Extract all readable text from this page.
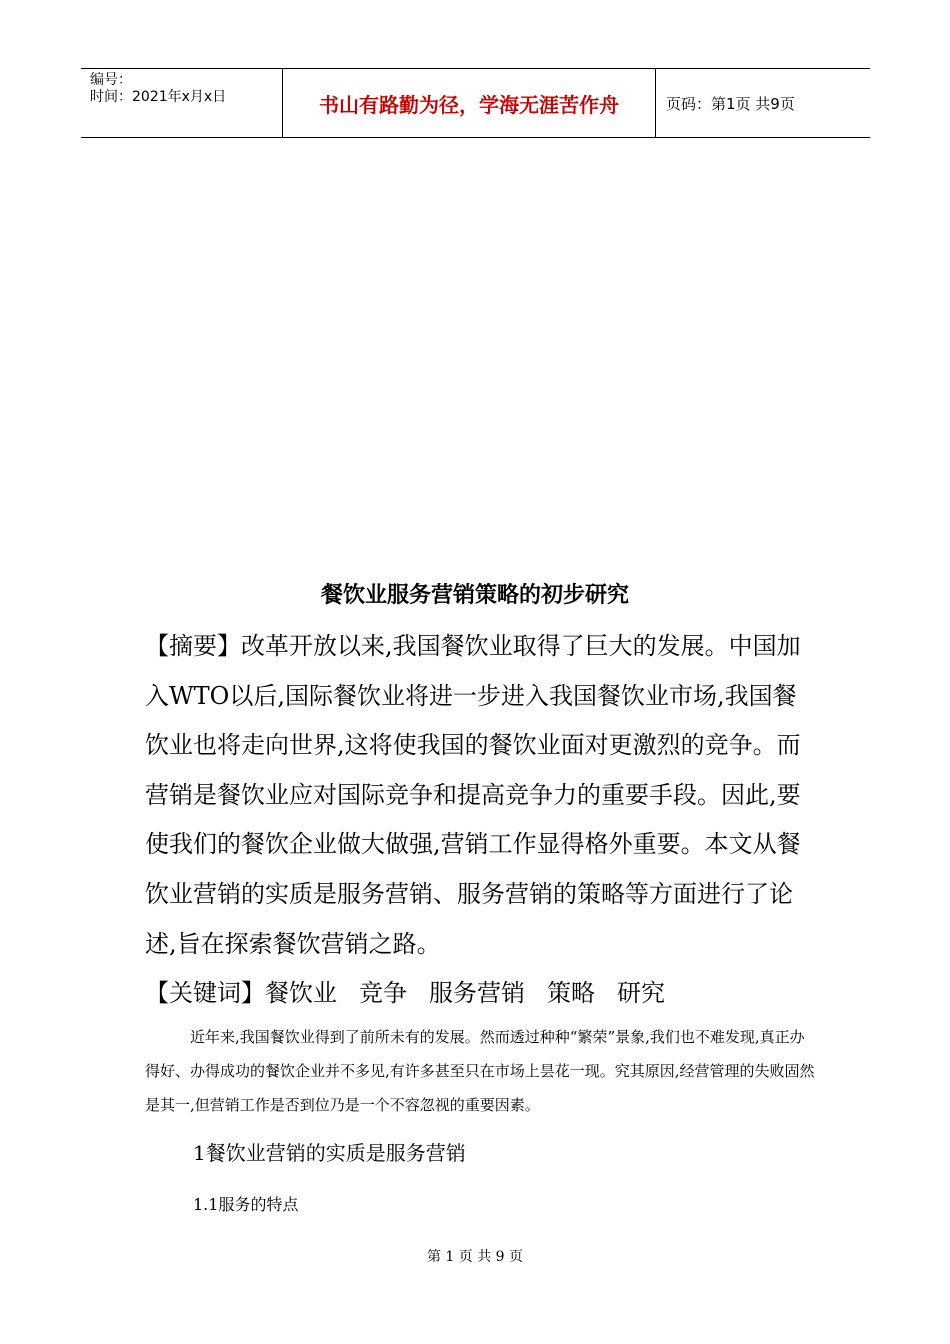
编号：
时间：2021年x月x日	书山有路勤为径，学海无涯苦作舟	页码：第1页 共9页
餐饮业服务营销策略的初步研究
【摘要】改革开放以来,我国餐饮业取得了巨大的发展。中国加入WTO以后,国际餐饮业将进一步进入我国餐饮业市场,我国餐饮业也将走向世界,这将使我国的餐饮业面对更激烈的竞争。而营销是餐饮业应对国际竞争和提高竞争力的重要手段。因此,要使我们的餐饮企业做大做强,营销工作显得格外重要。本文从餐饮业营销的实质是服务营销、服务营销的策略等方面进行了论述,旨在探索餐饮营销之路。
【关键词】餐饮业 竞争 服务营销 策略 研究
近年来,我国餐饮业得到了前所未有的发展。然而透过种种“繁荣”景象,我们也不难发现,真正办得好、办得成功的餐饮企业并不多见,有许多甚至只在市场上昙花一现。究其原因,经营管理的失败固然是其一,但营销工作是否到位乃是一个不容忽视的重要因素。
1餐饮业营销的实质是服务营销
1.1服务的特点
第 1 页 共 9 页
